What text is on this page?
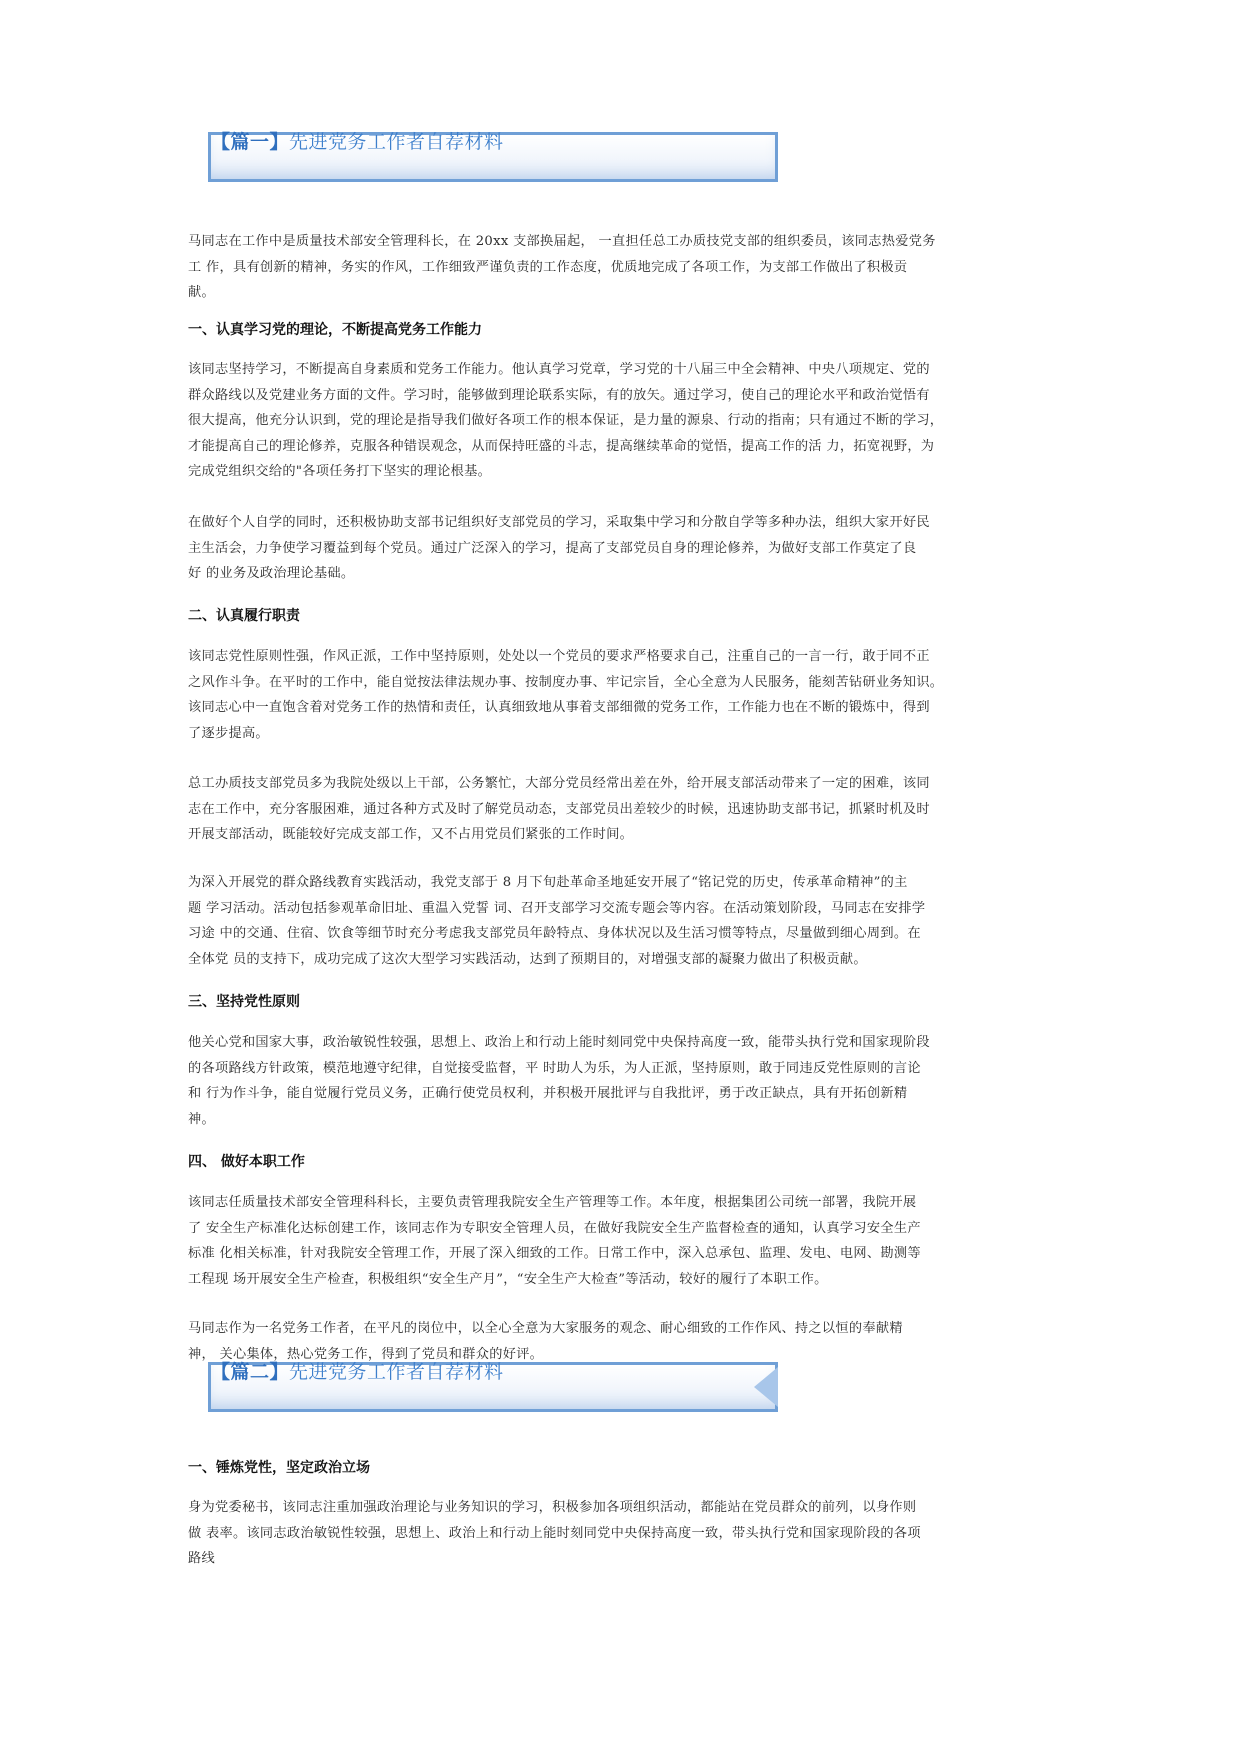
【篇一】先进党务工作者自荐材料
马同志在工作中是质量技术部安全管理科长，在 20xx 支部换届起， 一直担任总工办质技党支部的组织委员，该同志热爱党务
工 作，具有创新的精神，务实的作风，工作细致严谨负责的工作态度，优质地完成了各项工作，为支部工作做出了积极贡
献。
一、认真学习党的理论，不断提高党务工作能力
该同志坚持学习，不断提高自身素质和党务工作能力。他认真学习党章，学习党的十八届三中全会精神、中央八项规定、党的
群众路线以及党建业务方面的文件。学习时，能够做到理论联系实际，有的放矢。通过学习，使自己的理论水平和政治觉悟有
很大提高，他充分认识到，党的理论是指导我们做好各项工作的根本保证，是力量的源泉、行动的指南；只有通过不断的学习，
才能提高自己的理论修养，克服各种错误观念，从而保持旺盛的斗志，提高继续革命的觉悟，提高工作的活 力，拓宽视野，为
完成党组织交给的"各项任务打下坚实的理论根基。
在做好个人自学的同时，还积极协助支部书记组织好支部党员的学习，采取集中学习和分散自学等多种办法，组织大家开好民
主生活会，力争使学习覆益到每个党员。通过广泛深入的学习，提高了支部党员自身的理论修养，为做好支部工作莫定了良
好 的业务及政治理论基础。
二、认真履行职责
该同志党性原则性强，作风正派，工作中坚持原则，处处以一个党员的要求严格要求自己，注重自己的一言一行，敢于同不正
之风作斗争。在平时的工作中，能自觉按法律法规办事、按制度办事、牢记宗旨，全心全意为人民服务，能刻苦钻研业务知识。
该同志心中一直饱含着对党务工作的热情和责任，认真细致地从事着支部细微的党务工作，工作能力也在不断的锻炼中，得到
了逐步提高。
总工办质技支部党员多为我院处级以上干部，公务繁忙，大部分党员经常出差在外，给开展支部活动带来了一定的困难，该同
志在工作中，充分客服困难，通过各种方式及时了解党员动态，支部党员出差较少的时候，迅速协助支部书记，抓紧时机及时
开展支部活动，既能较好完成支部工作，又不占用党员们紧张的工作时间。
为深入开展党的群众路线教育实践活动，我党支部于 8 月下旬赴革命圣地延安开展了“铭记党的历史，传承革命精神”的主
题 学习活动。活动包括参观革命旧址、重温入党誓 词、召开支部学习交流专题会等内容。在活动策划阶段，马同志在安排学
习途 中的交通、住宿、饮食等细节时充分考虑我支部党员年龄特点、身体状况以及生活习惯等特点，尽量做到细心周到。在
全体党 员的支持下，成功完成了这次大型学习实践活动，达到了预期目的，对增强支部的凝聚力做出了积极贡献。
三、坚持党性原则
他关心党和国家大事，政治敏锐性较强，思想上、政治上和行动上能时刻同党中央保持高度一致，能带头执行党和国家现阶段
的各项路线方针政策，模范地遵守纪律，自觉接受监督，平 时助人为乐，为人正派，坚持原则，敢于同违反党性原则的言论
和 行为作斗争，能自觉履行党员义务，正确行使党员权利，并积极开展批评与自我批评，勇于改正缺点，具有开拓创新精
神。
四、 做好本职工作
该同志任质量技术部安全管理科科长，主要负责管理我院安全生产管理等工作。本年度，根据集团公司统一部署，我院开展
了 安全生产标准化达标创建工作，该同志作为专职安全管理人员，在做好我院安全生产监督检查的通知，认真学习安全生产
标准 化相关标准，针对我院安全管理工作，开展了深入细致的工作。日常工作中，深入总承包、监理、发电、电网、勘测等
工程现 场开展安全生产检查，积极组织“安全生产月”，“安全生产大检查”等活动，较好的履行了本职工作。
马同志作为一名党务工作者，在平凡的岗位中，以全心全意为大家服务的观念、耐心细致的工作作风、持之以恒的奉献精
神， 关心集体，热心党务工作，得到了党员和群众的好评。
【篇二】先进党务工作者自荐材料
一、锤炼党性，坚定政治立场
身为党委秘书，该同志注重加强政治理论与业务知识的学习，积极参加各项组织活动，都能站在党员群众的前列，以身作则
做 表率。该同志政治敏锐性较强，思想上、政治上和行动上能时刻同党中央保持高度一致，带头执行党和国家现阶段的各项
路线
